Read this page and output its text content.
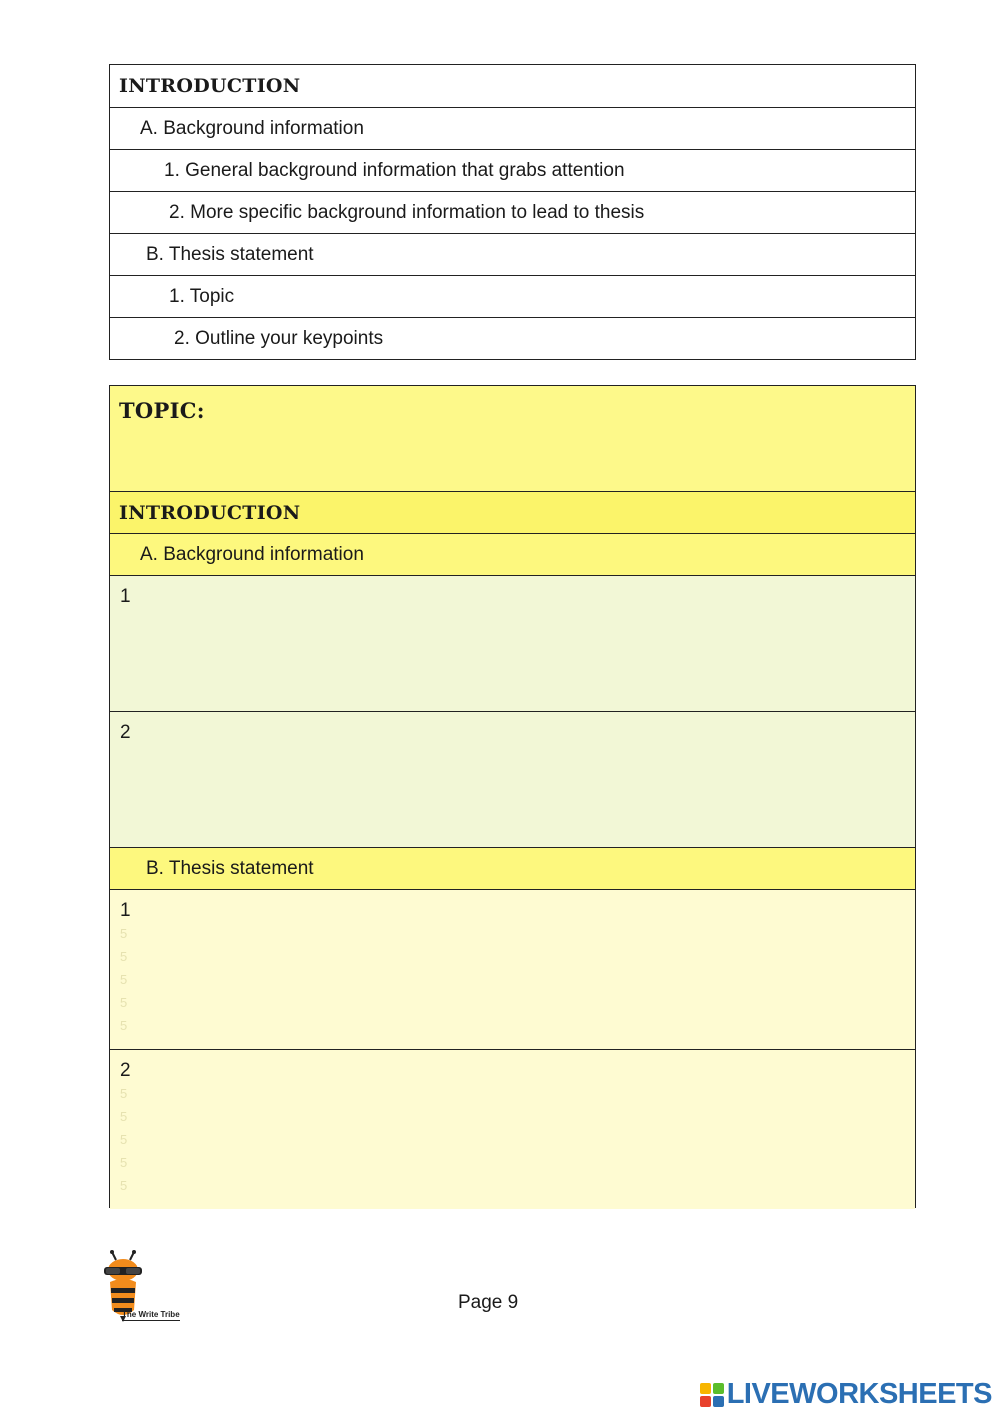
INTRODUCTION
A. Background information
1. General background information that grabs attention
2. More specific background information to lead to thesis
B. Thesis statement
1. Topic
2. Outline your keypoints
TOPIC:
INTRODUCTION
A. Background information
1
2
B. Thesis statement
1
5
5
5
5
5
2
5
5
5
5
5
The Write Tribe
Page 9
LIVEWORKSHEETS
